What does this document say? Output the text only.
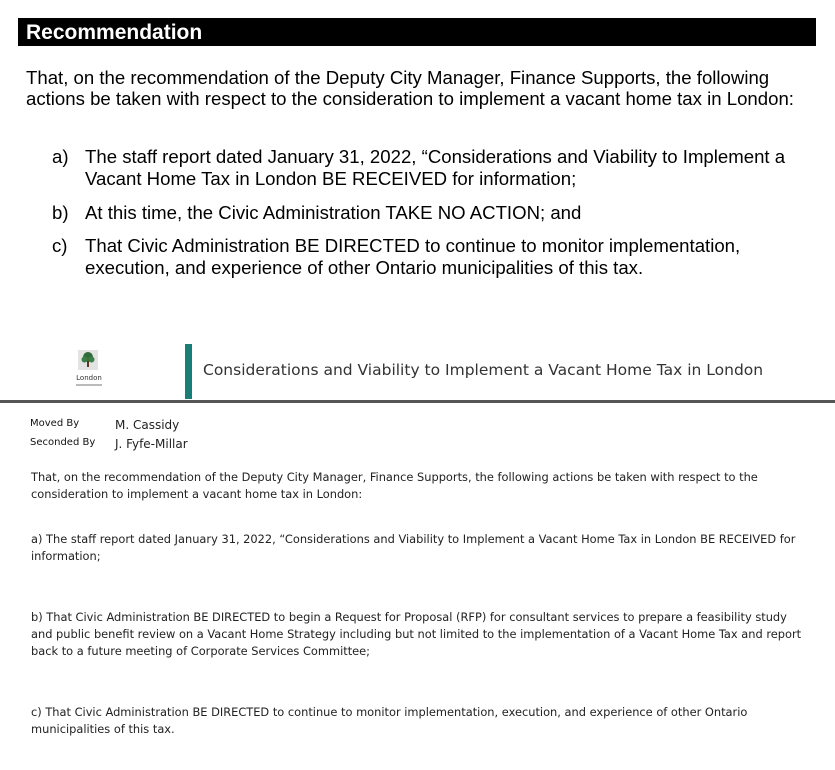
Recommendation
That, on the recommendation of the Deputy City Manager, Finance Supports, the following actions be taken with respect to the consideration to implement a vacant home tax in London:
a) The staff report dated January 31, 2022, “Considerations and Viability to Implement a Vacant Home Tax in London BE RECEIVED for information;
b) At this time, the Civic Administration TAKE NO ACTION; and
c) That Civic Administration BE DIRECTED to continue to monitor implementation, execution, and experience of other Ontario municipalities of this tax.
London	Considerations and Viability to Implement a Vacant Home Tax in London
Moved By	M. Cassidy
Seconded By J. Fyfe-Millar
That, on the recommendation of the Deputy City Manager, Finance Supports, the following actions be taken with respect to the consideration to implement a vacant home tax in London:
a) The staff report dated January 31, 2022, “Considerations and Viability to Implement a Vacant Home Tax in London BE RECEIVED for information;
b) That Civic Administration BE DIRECTED to begin a Request for Proposal (RFP) for consultant services to prepare a feasibility study and public benefit review on a Vacant Home Strategy including but not limited to the implementation of a Vacant Home Tax and report back to a future meeting of Corporate Services Committee;
c) That Civic Administration BE DIRECTED to continue to monitor implementation, execution, and experience of other Ontario municipalities of this tax.
